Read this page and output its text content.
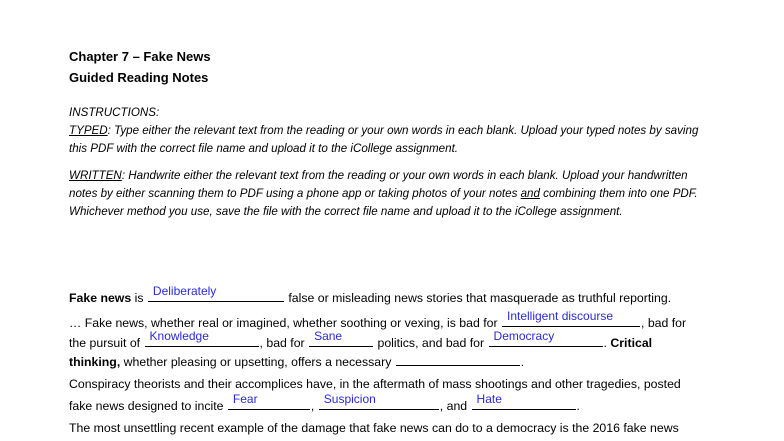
Chapter 7 – Fake News
Guided Reading Notes
INSTRUCTIONS:
TYPED: Type either the relevant text from the reading or your own words in each blank. Upload your typed notes by saving this PDF with the correct file name and upload it to the iCollege assignment.
WRITTEN: Handwrite either the relevant text from the reading or your own words in each blank. Upload your handwritten notes by either scanning them to PDF using a phone app or taking photos of your notes and combining them into one PDF. Whichever method you use, save the file with the correct file name and upload it to the iCollege assignment.
Fake news is Deliberately	false or misleading news stories that masquerade as truthful reporting.
… Fake news, whether real or imagined, whether soothing or vexing, is bad for Intelligent discourse , bad for
the pursuit of Knowledge	, bad for Sane	politics, and bad for Democracy	. Critical
thinking, whether pleasing or upsetting, offers a necessary	.
Conspiracy theorists and their accomplices have, in the aftermath of mass shootings and other tragedies, posted
fake news designed to incite Fear	, Suspicion	, and Hate	.
The most unsettling recent example of the damage that fake news can do to a democracy is the 2016 fake news
